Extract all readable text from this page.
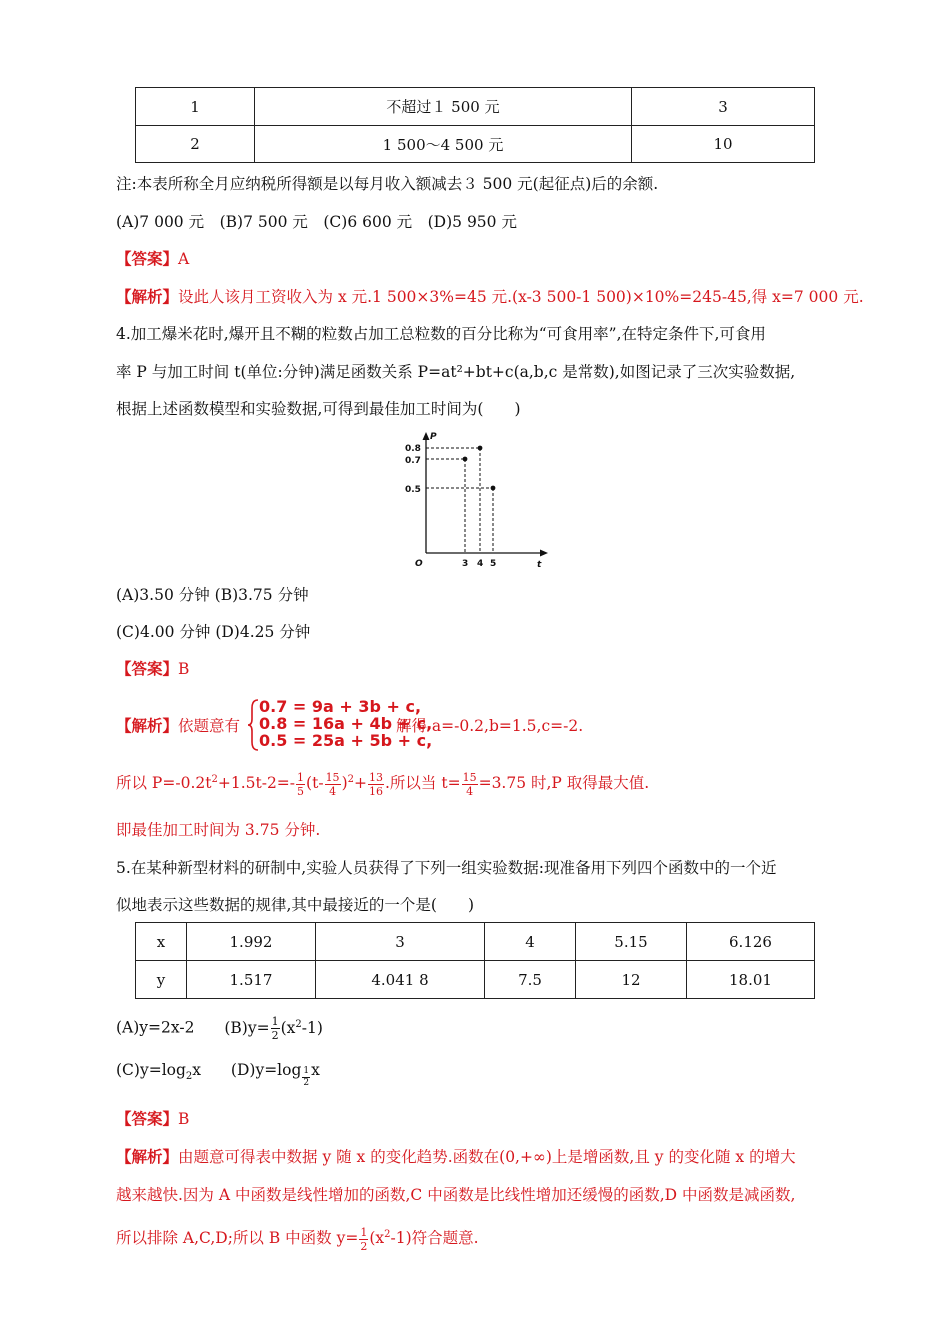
1	不超过１ 500 元	3
2	1 500～4 500 元	10
注:本表所称全月应纳税所得额是以每月收入额减去３ 500 元(起征点)后的余额.
(A)7 000 元　(B)7 500 元　(C)6 600 元　(D)5 950 元
【答案】A
【解析】设此人该月工资收入为 x 元.1 500×3%=45 元.(x-3 500-1 500)×10%=245-45,得 x=7 000 元.
4.加工爆米花时,爆开且不糊的粒数占加工总粒数的百分比称为“可食用率”,在特定条件下,可食用
率 P 与加工时间 t(单位:分钟)满足函数关系 P=at²+bt+c(a,b,c 是常数),如图记录了三次实验数据,
根据上述函数模型和实验数据,可得到最佳加工时间为(　　)
P
t
O
0.8
0.7
0.5
3 4 5
(A)3.50 分钟 (B)3.75 分钟
(C)4.00 分钟 (D)4.25 分钟
【答案】B
【解析】依题意有
0.7 = 9a + 3b + c,
0.8 = 16a + 4b + c,
0.5 = 25a + 5b + c,
解得 a=-0.2,b=1.5,c=-2.
所以 $P=-0.2t^2+1.5t-2=- \frac{1}{5} (t- \frac{15}{4} )^2+ \frac{13}{16}$ .所以当 $t= \frac{15}{4} =3.75$ 时,P 取得最大值.
即最佳加工时间为 3.75 分钟.
5.在某种新型材料的研制中,实验人员获得了下列一组实验数据:现准备用下列四个函数中的一个近
似地表示这些数据的规律,其中最接近的一个是(　　)
x	1.992	3	4	5.15	6.126
y	1.517	4.041 8	7.5	12	18.01
(A)y=2x-2 $(B)y= \frac{1}{2} (x^2-1)$
$(C)y=\log_2x$ $(D)y=\log \frac{1}{2}$ x
【答案】B
【解析】由题意可得表中数据 y 随 x 的变化趋势.函数在(0,+∞)上是增函数,且 y 的变化随 x 的增大
越来越快.因为 A 中函数是线性增加的函数,C 中函数是比线性增加还缓慢的函数,D 中函数是减函数,
所以排除 A,C,D;所以 B 中函数 $y= \frac{1}{2} (x^2-1)$符合题意.
